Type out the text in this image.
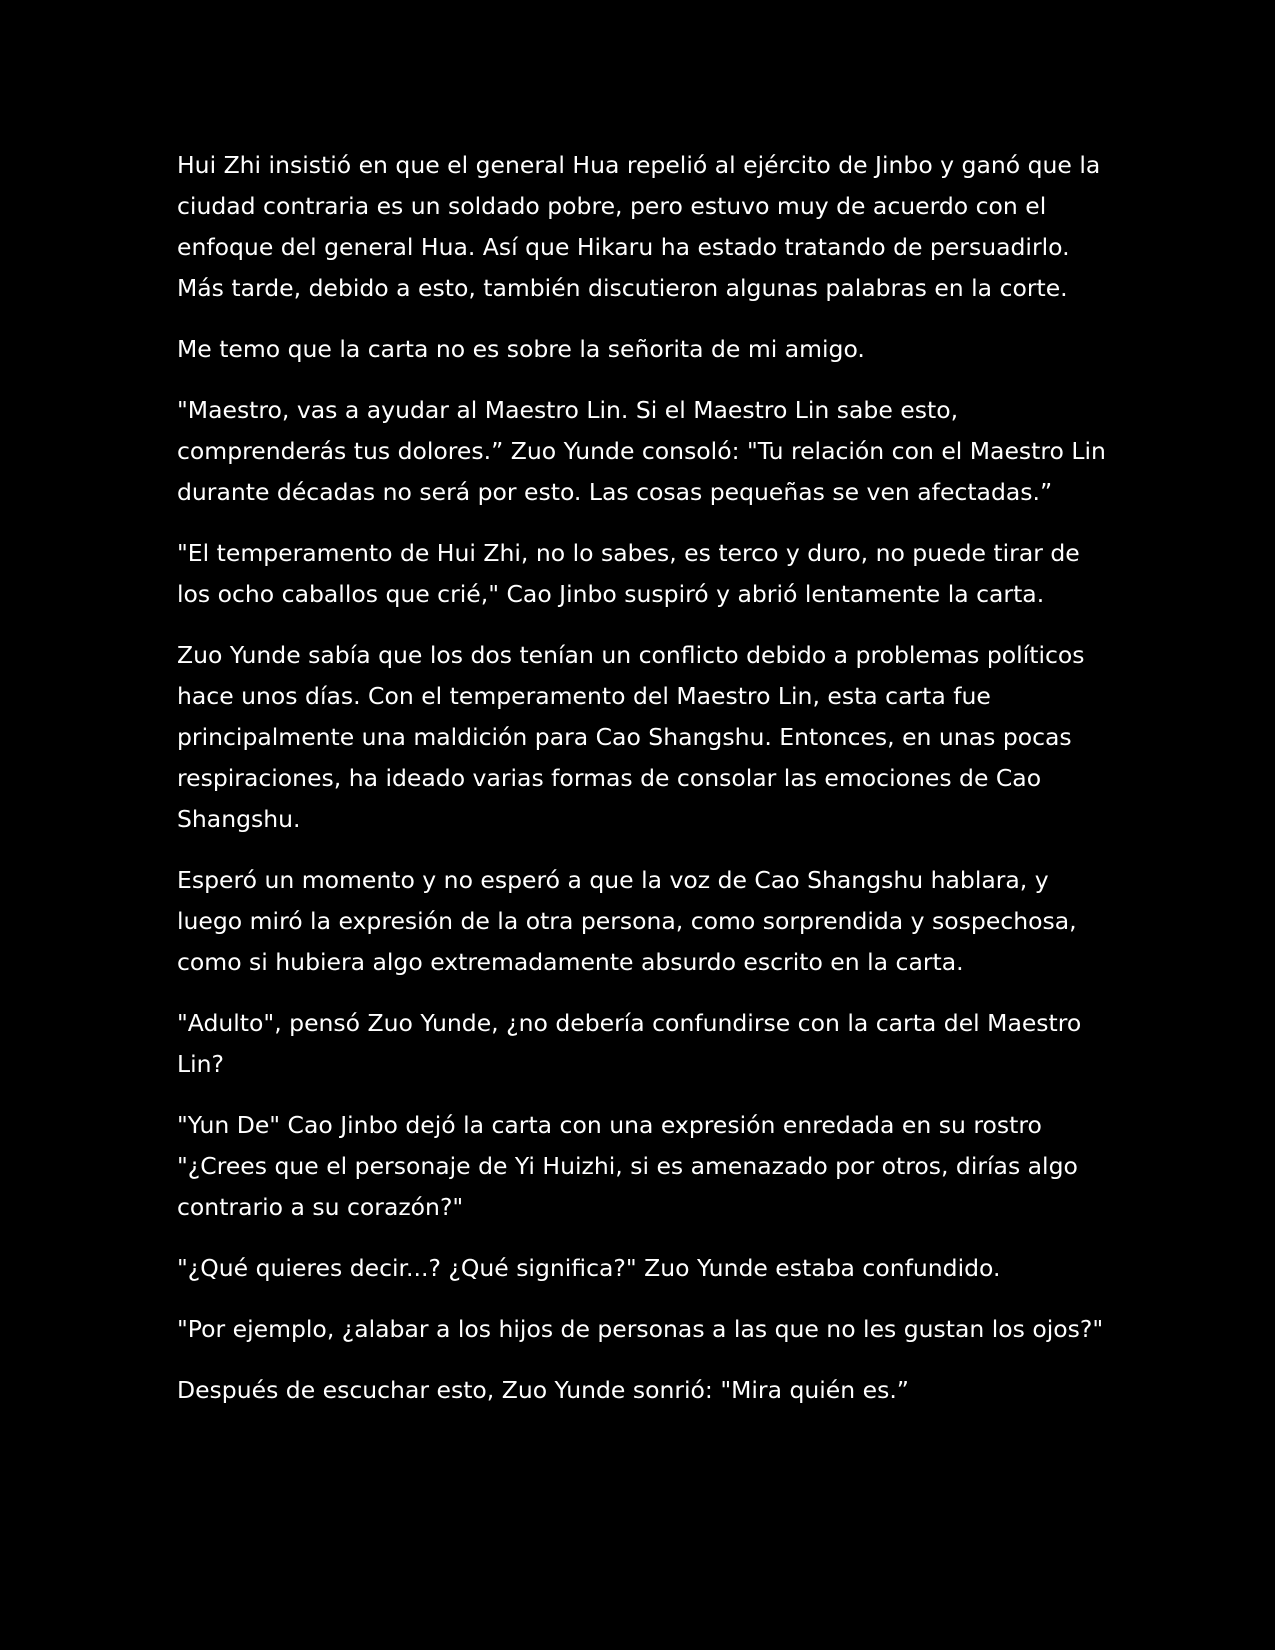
Hui Zhi insistió en que el general Hua repelió al ejército de Jinbo y ganó que la ciudad contraria es un soldado pobre, pero estuvo muy de acuerdo con el enfoque del general Hua. Así que Hikaru ha estado tratando de persuadirlo. Más tarde, debido a esto, también discutieron algunas palabras en la corte.

Me temo que la carta no es sobre la señorita de mi amigo.

"Maestro, vas a ayudar al Maestro Lin. Si el Maestro Lin sabe esto, comprenderás tus dolores.” Zuo Yunde consoló: "Tu relación con el Maestro Lin durante décadas no será por esto. Las cosas pequeñas se ven afectadas.”

"El temperamento de Hui Zhi, no lo sabes, es terco y duro, no puede tirar de los ocho caballos que crié," Cao Jinbo suspiró y abrió lentamente la carta.

Zuo Yunde sabía que los dos tenían un conflicto debido a problemas políticos hace unos días. Con el temperamento del Maestro Lin, esta carta fue principalmente una maldición para Cao Shangshu. Entonces, en unas pocas respiraciones, ha ideado varias formas de consolar las emociones de Cao Shangshu.

Esperó un momento y no esperó a que la voz de Cao Shangshu hablara, y luego miró la expresión de la otra persona, como sorprendida y sospechosa, como si hubiera algo extremadamente absurdo escrito en la carta.

"Adulto", pensó Zuo Yunde, ¿no debería confundirse con la carta del Maestro Lin?

"Yun De" Cao Jinbo dejó la carta con una expresión enredada en su rostro "¿Crees que el personaje de Yi Huizhi, si es amenazado por otros, dirías algo contrario a su corazón?"

"¿Qué quieres decir...? ¿Qué significa?" Zuo Yunde estaba confundido.

"Por ejemplo, ¿alabar a los hijos de personas a las que no les gustan los ojos?"

Después de escuchar esto, Zuo Yunde sonrió: "Mira quién es.”
